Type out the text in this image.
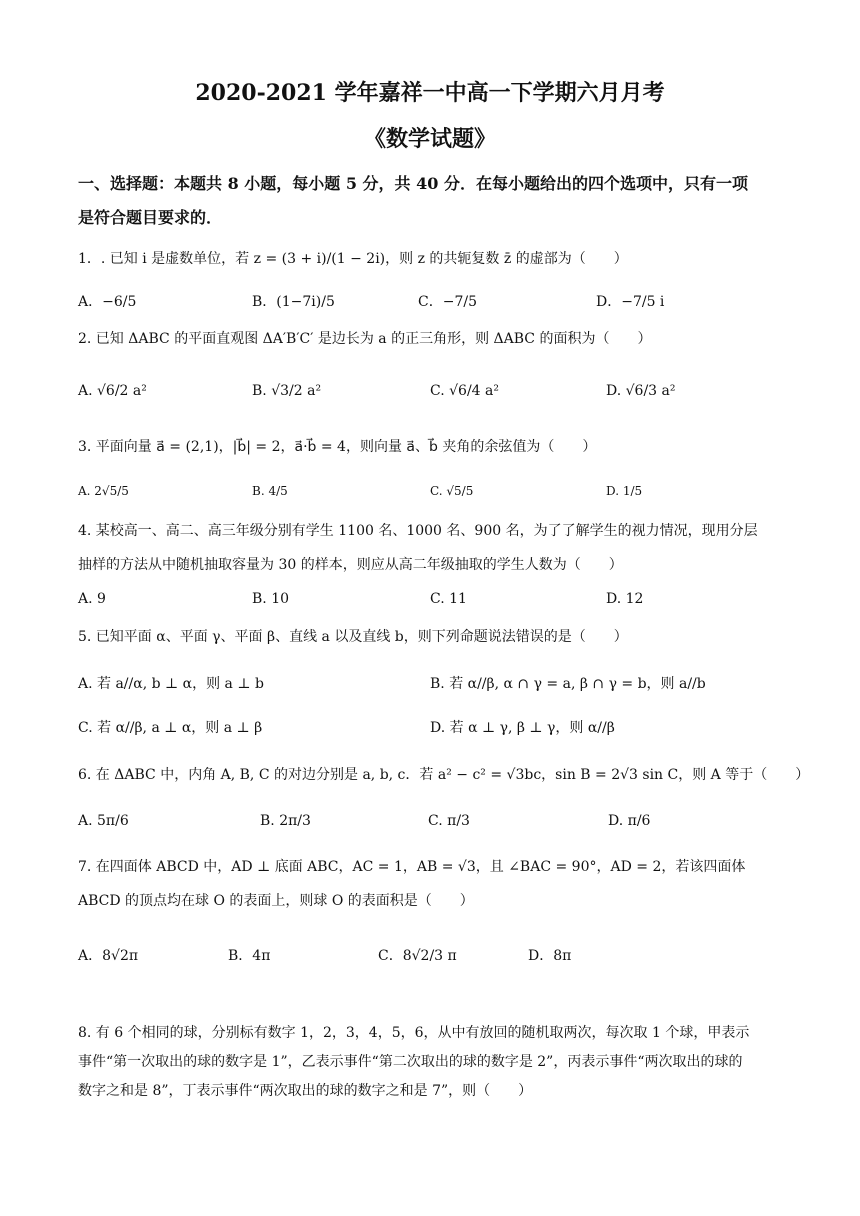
2020-2021 学年嘉祥一中高一下学期六月月考
《数学试题》
一、选择题：本题共 8 小题，每小题 5 分，共 40 分．在每小题给出的四个选项中，只有一项
是符合题目要求的．
1．. 已知 i 是虚数单位，若 z = (3 + i)/(1 − 2i)，则 z 的共轭复数 z̄ 的虚部为（　　）
A．−6/5	B．(1−7i)/5	C．−7/5	D．−7/5 i
2. 已知 ΔABC 的平面直观图 ΔA′B′C′ 是边长为 a 的正三角形，则 ΔABC 的面积为（　　）
A. √6/2 a²	B. √3/2 a²	C. √6/4 a²	D. √6/3 a²
3. 平面向量 a⃗ = (2,1)，|b⃗| = 2，a⃗·b⃗ = 4，则向量 a⃗、b⃗ 夹角的余弦值为（　　）
A. 2√5/5	B. 4/5	C. √5/5	D. 1/5
4. 某校高一、高二、高三年级分别有学生 1100 名、1000 名、900 名，为了了解学生的视力情况，现用分层
抽样的方法从中随机抽取容量为 30 的样本，则应从高二年级抽取的学生人数为（　　）
A. 9	B. 10	C. 11	D. 12
5. 已知平面 α、平面 γ、平面 β、直线 a 以及直线 b，则下列命题说法错误的是（　　）
A. 若 a//α, b ⊥ α，则 a ⊥ b	B. 若 α//β, α ∩ γ = a, β ∩ γ = b，则 a//b
C. 若 α//β, a ⊥ α，则 a ⊥ β	D. 若 α ⊥ γ, β ⊥ γ，则 α//β
6. 在 ΔABC 中，内角 A, B, C 的对边分别是 a, b, c．若 a² − c² = √3bc，sin B = 2√3 sin C，则 A 等于（　　）
A. 5π/6	B. 2π/3	C. π/3	D. π/6
7. 在四面体 ABCD 中，AD ⊥ 底面 ABC，AC = 1，AB = √3，且 ∠BAC = 90°，AD = 2，若该四面体
ABCD 的顶点均在球 O 的表面上，则球 O 的表面积是（　　）
A．8√2π	B．4π	C．8√2/3 π	D．8π
8. 有 6 个相同的球，分别标有数字 1，2，3，4，5，6，从中有放回的随机取两次，每次取 1 个球，甲表示
事件“第一次取出的球的数字是 1”，乙表示事件“第二次取出的球的数字是 2”，丙表示事件“两次取出的球的
数字之和是 8”，丁表示事件“两次取出的球的数字之和是 7”，则（　　）
